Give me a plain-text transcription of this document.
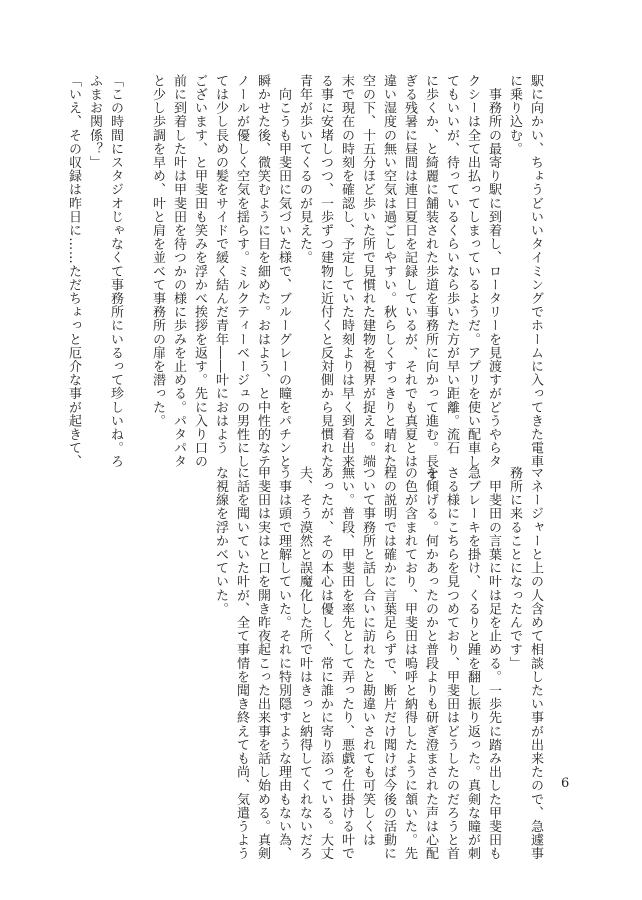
駅に向かい、ちょうどいいタイミングでホームに入ってきた電車

に乗り込む。

　事務所の最寄り駅に到着し、ロータリーを見渡すがどうやらタ

クシーは全て出払ってしまっているようだ。アプリを使い配車し

てもいいが、待っているくらいなら歩いた方が早い距離。流石

に歩くか、と綺麗に舗装された歩道を事務所に向かって進む。長す

ぎる残暑に昼間は連日夏日を記録しているが、それでも真夏とは

違い湿度の無い空気は過ごしやすい。秋らしくすっきりと晴れた

空の下、十五分ほど歩いた所で見慣れた建物を視界が捉える。端

末で現在の時刻を確認し、予定していた時刻よりは早く到着出来

る事に安堵しつつ、一歩ずつ建物に近付くと反対側から見慣れた

青年が歩いてくるのが見えた。

　向こうも甲斐田に気づいた様で、ブルーグレーの瞳をパチンと

瞬かせた後、微笑むように目を細めた。おはよう、と中性的なテ

ノールが優しく空気を揺らす。ミルクティーベージュの男性にし

ては少し長めの髪をサイドで緩く結んだ青年――叶におはよう

ございます、と甲斐田も笑みを浮かべ挨拶を返す。先に入り口の

前に到着した叶は甲斐田を待つかの様に歩みを止める。パタパタ

と少し歩調を早め、叶と肩を並べて事務所の扉を潜った。

「この時間にスタジオじゃなくて事務所にいるって珍しいね。ろ

ふまお関係？」

「いえ、その収録は昨日に……ただちょっと厄介な事が起きて、

マネージャーと上の人含めて相談したい事が出来たので、急遽事

務所に来ることになったんです」

　甲斐田の言葉に叶は足を止める。一歩先に踏み出した甲斐田も

急ブレーキを掛け、くるりと踵を翻し振り返った。真剣な瞳が刺

さる様にこちらを見つめており、甲斐田はどうしたのだろうと首

を傾げる。何かあったのかと普段よりも研ぎ澄まされた声は心配

の色が含まれており、甲斐田は嗚呼と納得したように頷いた。先

程の説明では確かに言葉足らずで、断片だけ聞けば今後の活動に

ついて事務所と話し合いに訪れたと勘違いされても可笑しくは

無い。普段、甲斐田を率先として弄ったり、悪戯を仕掛ける叶で

あったが、その本心は優しく、常に誰かに寄り添っている。大丈

夫、そう漠然と誤魔化した所で叶はきっと納得してくれないだろ

う事は頭で理解していた。それに特別隠すような理由もない為、

甲斐田は実はと口を開き昨夜起こった出来事を話し始める。真剣

に話を聞いていた叶が、全て事情を聞き終えても尚、気遣うよう

な視線を浮かべていた。

6
